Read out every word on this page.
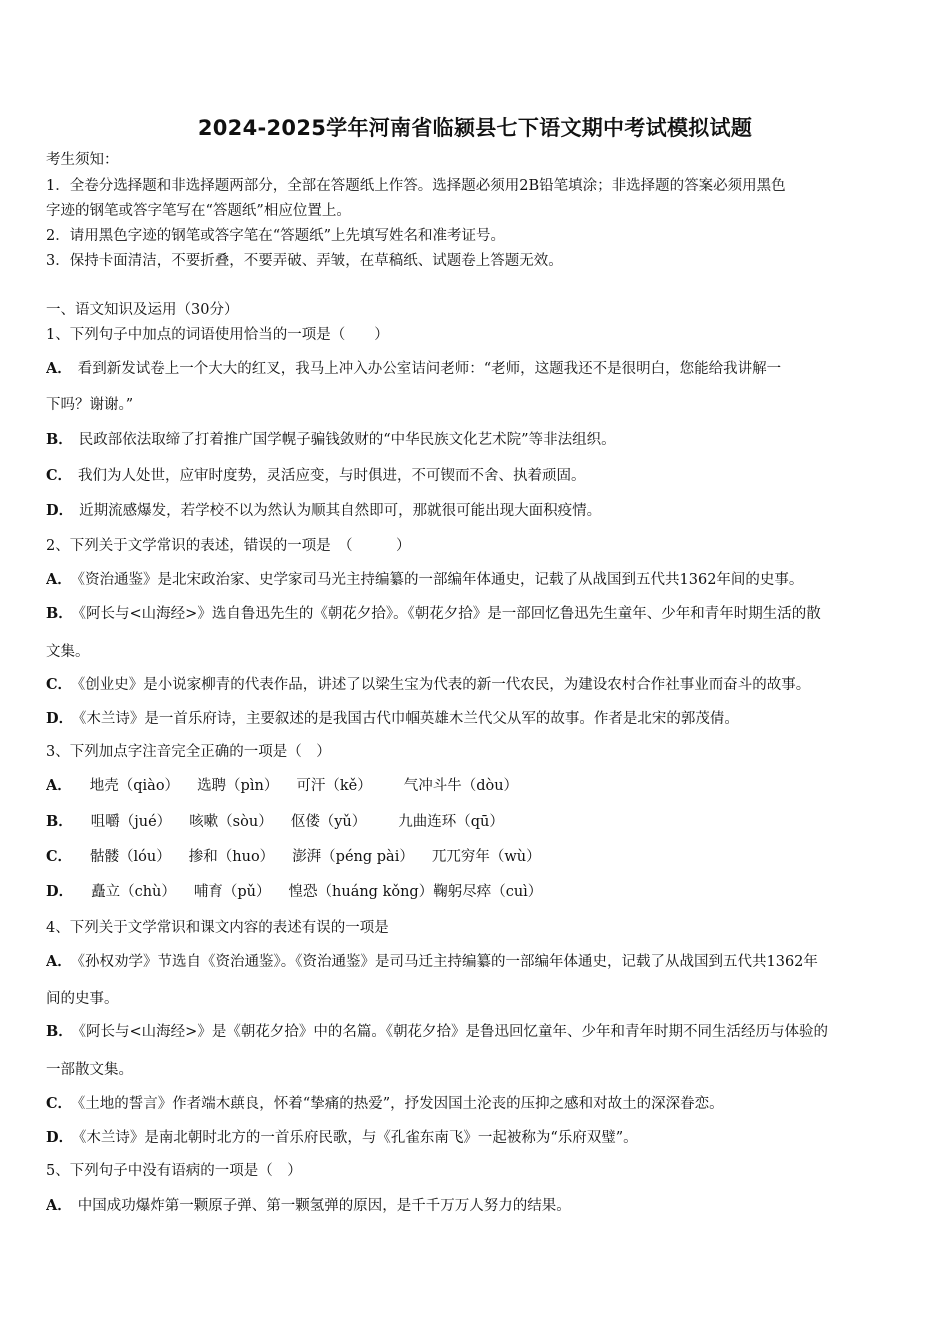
2024-2025学年河南省临颍县七下语文期中考试模拟试题
考生须知：
1．全卷分选择题和非选择题两部分，全部在答题纸上作答。选择题必须用2B铅笔填涂；非选择题的答案必须用黑色
字迹的钢笔或答字笔写在“答题纸”相应位置上。
2．请用黑色字迹的钢笔或答字笔在“答题纸”上先填写姓名和准考证号。
3．保持卡面清洁，不要折叠，不要弄破、弄皱，在草稿纸、试题卷上答题无效。
一、语文知识及运用（30分）
1、下列句子中加点的词语使用恰当的一项是（　　）
A． 看到新发试卷上一个大大的红叉，我马上冲入办公室诘问老师：“老师，这题我还不是很明白，您能给我讲解一
下吗？谢谢。”
B． 民政部依法取缔了打着推广国学幌子骗钱敛财的“中华民族文化艺术院”等非法组织。
C． 我们为人处世，应审时度势，灵活应变，与时俱进，不可锲而不舍、执着顽固。
D． 近期流感爆发，若学校不以为然认为顺其自然即可，那就很可能出现大面积疫情。
2、下列关于文学常识的表述，错误的一项是　（　　　）
A． 《资治通鉴》是北宋政治家、史学家司马光主持编纂的一部编年体通史，记载了从战国到五代共1362年间的史事。
B． 《阿长与<山海经>》选自鲁迅先生的《朝花夕拾》。《朝花夕拾》是一部回忆鲁迅先生童年、少年和青年时期生活的散
文集。
C． 《创业史》是小说家柳青的代表作品，讲述了以梁生宝为代表的新一代农民，为建设农村合作社事业而奋斗的故事。
D． 《木兰诗》是一首乐府诗，主要叙述的是我国古代巾帼英雄木兰代父从军的故事。作者是北宋的郭茂倩。
3、下列加点字注音完全正确的一项是（　）
A． 地壳（qiào） 选聘（pìn） 可汗（kě） 气冲斗牛（dòu）
B． 咀嚼（jué） 咳嗽（sòu） 伛偻（yǔ） 九曲连环（qū）
C． 骷髅（lóu） 掺和（huo） 澎湃（péng pài） 兀兀穷年（wù）
D． 矗立（chù） 哺育（pǔ） 惶恐（huáng kǒng）鞠躬尽瘁（cuì）
4、下列关于文学常识和课文内容的表述有误的一项是
A． 《孙权劝学》节选自《资治通鉴》。《资治通鉴》是司马迁主持编纂的一部编年体通史，记载了从战国到五代共1362年
间的史事。
B． 《阿长与<山海经>》是《朝花夕拾》中的名篇。《朝花夕拾》是鲁迅回忆童年、少年和青年时期不同生活经历与体验的
一部散文集。
C． 《土地的誓言》作者端木蕻良，怀着“挚痛的热爱”，抒发因国土沦丧的压抑之感和对故土的深深眷恋。
D． 《木兰诗》是南北朝时北方的一首乐府民歌，与《孔雀东南飞》一起被称为“乐府双璧”。
5、下列句子中没有语病的一项是（　）
A． 中国成功爆炸第一颗原子弹、第一颗氢弹的原因，是千千万万人努力的结果。
